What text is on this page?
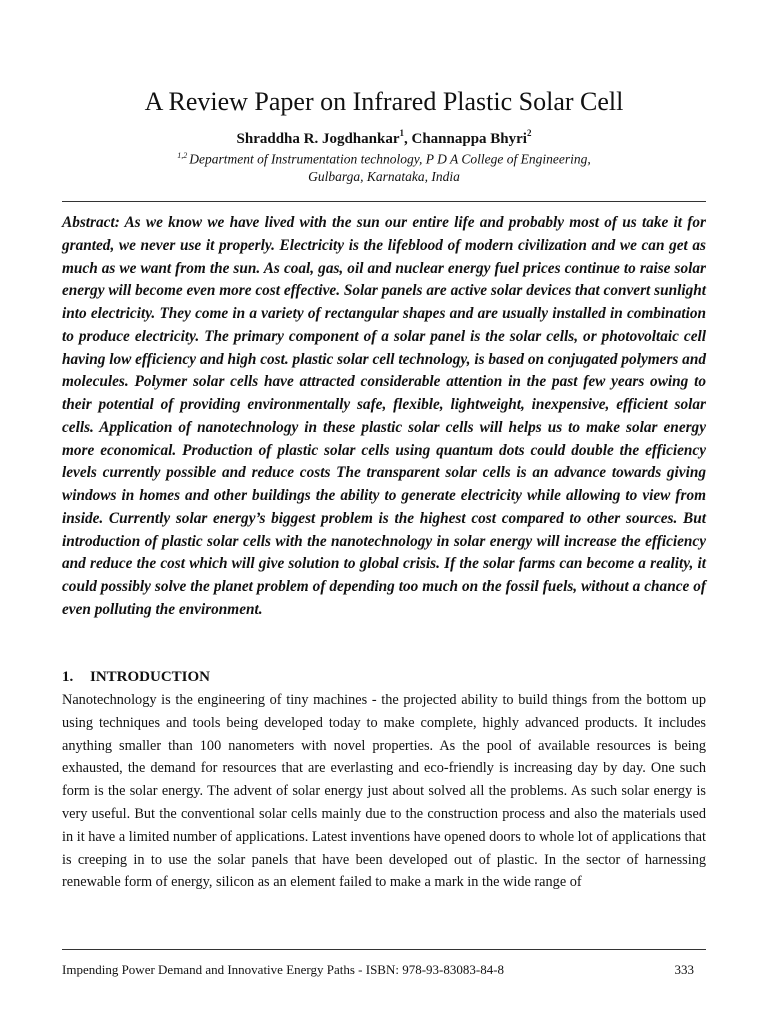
A Review Paper on Infrared Plastic Solar Cell
Shraddha R. Jogdhankar$^1$, Channappa Bhyri$^2$
$^{1,2}$ Department of Instrumentation technology, P D A College of Engineering,
Gulbarga, Karnataka, India

Abstract: As we know we have lived with the sun our entire life and probably most of us take it for granted, we never use it properly. Electricity is the lifeblood of modern civilization and we can get as much as we want from the sun. As coal, gas, oil and nuclear energy fuel prices continue to raise solar energy will become even more cost effective. Solar panels are active solar devices that convert sunlight into electricity. They come in a variety of rectangular shapes and are usually installed in combination to produce electricity. The primary component of a solar panel is the solar cells, or photovoltaic cell having low efficiency and high cost. plastic solar cell technology, is based on conjugated polymers and molecules. Polymer solar cells have attracted considerable attention in the past few years owing to their potential of providing environmentally safe, flexible, lightweight, inexpensive, efficient solar cells. Application of nanotechnology in these plastic solar cells will helps us to make solar energy more economical. Production of plastic solar cells using quantum dots could double the efficiency levels currently possible and reduce costs The transparent solar cells is an advance towards giving windows in homes and other buildings the ability to generate electricity while allowing to view from inside. Currently solar energy’s biggest problem is the highest cost compared to other sources. But introduction of plastic solar cells with the nanotechnology in solar energy will increase the efficiency and reduce the cost which will give solution to global crisis. If the solar farms can become a reality, it could possibly solve the planet problem of depending too much on the fossil fuels, without a chance of even polluting the environment.

1. INTRODUCTION

Nanotechnology is the engineering of tiny machines - the projected ability to build things from the bottom up using techniques and tools being developed today to make complete, highly advanced products. It includes anything smaller than 100 nanometers with novel properties. As the pool of available resources is being exhausted, the demand for resources that are everlasting and eco-friendly is increasing day by day. One such form is the solar energy. The advent of solar energy just about solved all the problems. As such solar energy is very useful. But the conventional solar cells mainly due to the construction process and also the materials used in it have a limited number of applications. Latest inventions have opened doors to whole lot of applications that is creeping in to use the solar panels that have been developed out of plastic. In the sector of harnessing renewable form of energy, silicon as an element failed to make a mark in the wide range of

Impending Power Demand and Innovative Energy Paths - ISBN: 978-93-83083-84-8	333
